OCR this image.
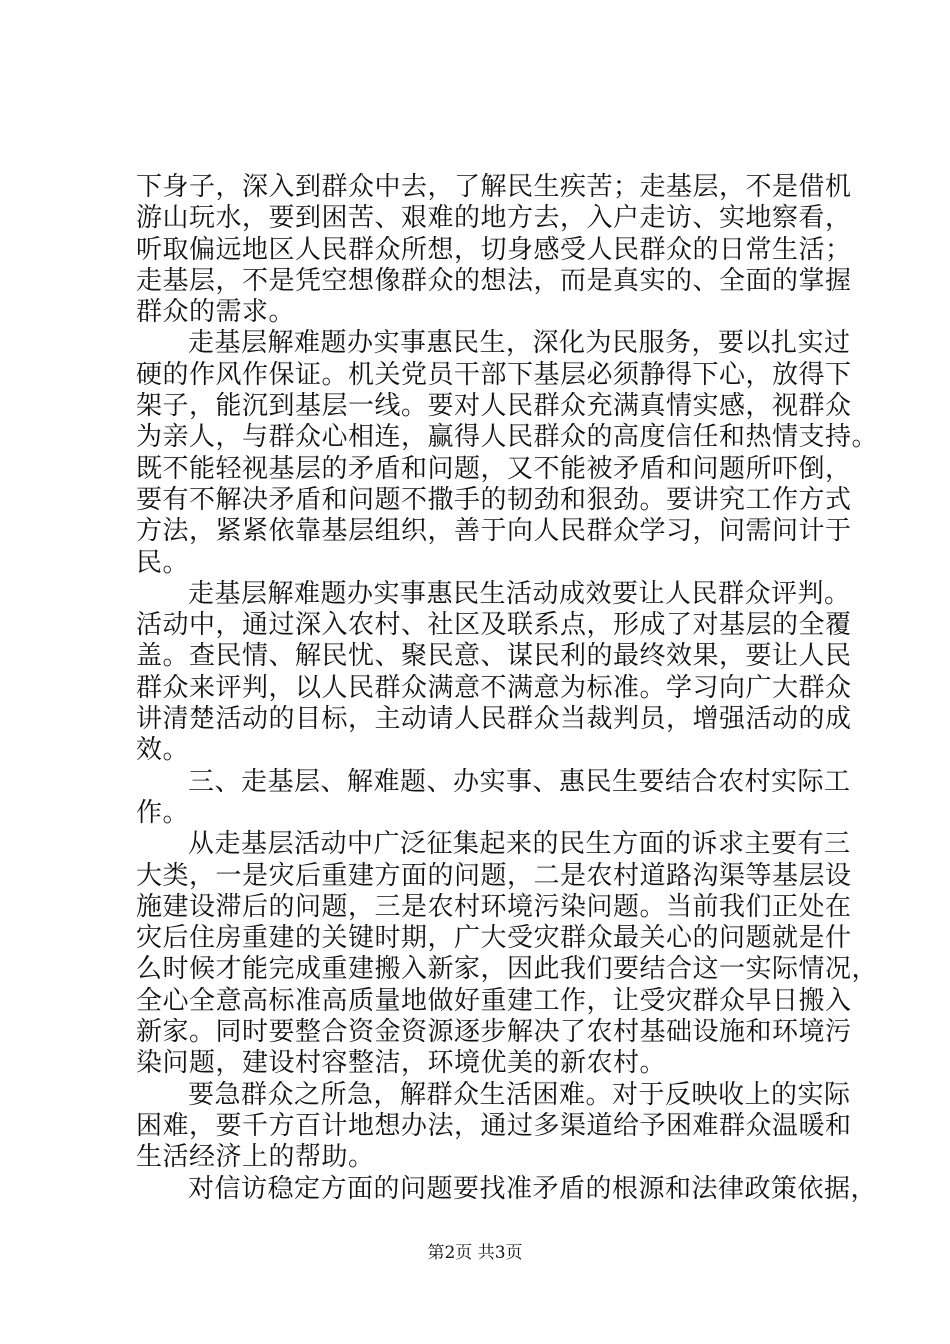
下身子，深入到群众中去，了解民生疾苦；走基层，不是借机
游山玩水，要到困苦、艰难的地方去，入户走访、实地察看，
听取偏远地区人民群众所想，切身感受人民群众的日常生活；
走基层，不是凭空想像群众的想法，而是真实的、全面的掌握
群众的需求。
走基层解难题办实事惠民生，深化为民服务，要以扎实过
硬的作风作保证。机关党员干部下基层必须静得下心，放得下
架子，能沉到基层一线。要对人民群众充满真情实感，视群众
为亲人，与群众心相连，赢得人民群众的高度信任和热情支持。
既不能轻视基层的矛盾和问题，又不能被矛盾和问题所吓倒，
要有不解决矛盾和问题不撒手的韧劲和狠劲。要讲究工作方式
方法，紧紧依靠基层组织，善于向人民群众学习，问需问计于
民。
走基层解难题办实事惠民生活动成效要让人民群众评判。
活动中，通过深入农村、社区及联系点，形成了对基层的全覆
盖。查民情、解民忧、聚民意、谋民利的最终效果，要让人民
群众来评判，以人民群众满意不满意为标准。学习向广大群众
讲清楚活动的目标，主动请人民群众当裁判员，增强活动的成
效。
三、走基层、解难题、办实事、惠民生要结合农村实际工
作。
从走基层活动中广泛征集起来的民生方面的诉求主要有三
大类，一是灾后重建方面的问题，二是农村道路沟渠等基层设
施建设滞后的问题，三是农村环境污染问题。当前我们正处在
灾后住房重建的关键时期，广大受灾群众最关心的问题就是什
么时候才能完成重建搬入新家，因此我们要结合这一实际情况，
全心全意高标准高质量地做好重建工作，让受灾群众早日搬入
新家。同时要整合资金资源逐步解决了农村基础设施和环境污
染问题，建设村容整洁，环境优美的新农村。
要急群众之所急，解群众生活困难。对于反映收上的实际
困难，要千方百计地想办法，通过多渠道给予困难群众温暖和
生活经济上的帮助。
对信访稳定方面的问题要找准矛盾的根源和法律政策依据，
第2页 共3页
